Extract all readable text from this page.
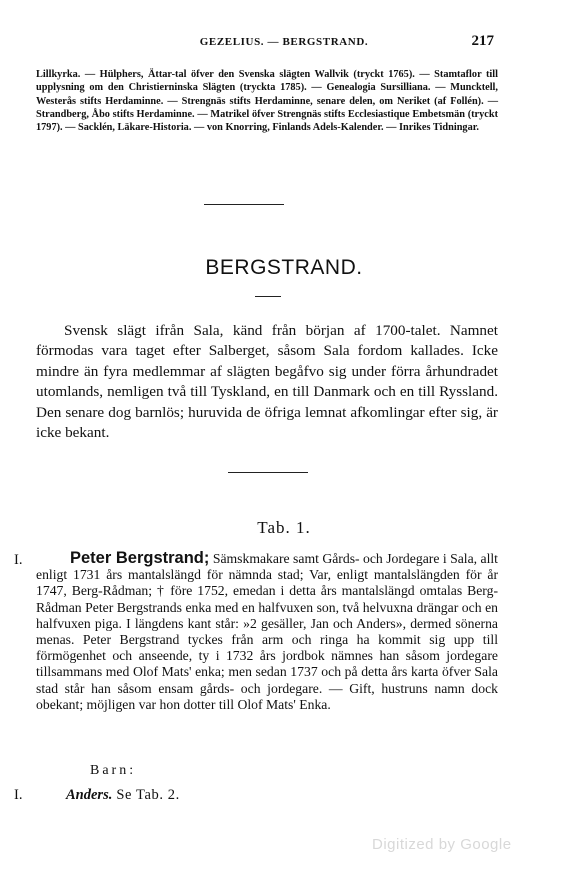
GEZELIUS. — BERGSTRAND.	217
Lillkyrka. — Hülphers, Ättar-tal öfver den Svenska slägten Wallvik (tryckt 1765). — Stamtaflor till upplysning om den Christierninska Slägten (tryckta 1785). — Genealogia Sursilliana. — Muncktell, Westerås stifts Herdaminne. — Strengnäs stifts Herdaminne, senare delen, om Neriket (af Follén). — Strandberg, Åbo stifts Herdaminne. — Matrikel öfver Strengnäs stifts Ecclesiastique Embetsmän (tryckt 1797). — Sacklén, Läkare-Historia. — von Knorring, Finlands Adels-Kalender. — Inrikes Tidningar.
BERGSTRAND.
Svensk slägt ifrån Sala, känd från början af 1700-talet. Namnet förmodas vara taget efter Salberget, såsom Sala fordom kallades. Icke mindre än fyra medlemmar af slägten begåfvo sig under förra århundradet utomlands, nemligen två till Tyskland, en till Danmark och en till Ryssland. Den senare dog barnlös; huruvida de öfriga lemnat afkomlingar efter sig, är icke bekant.
Tab. 1.
I.	Peter Bergstrand; Sämskmakare samt Gårds- och Jordegare i Sala, allt enligt 1731 års mantalslängd för nämnda stad; Var, enligt mantalslängden för år 1747, Berg-Rådman; † före 1752, emedan i detta års mantalslängd omtalas Berg-Rådman Peter Bergstrands enka med en halfvuxen son, två helvuxna drängar och en halfvuxen piga. I längdens kant står: »2 gesäller, Jan och Anders», dermed sönerna menas. Peter Bergstrand tyckes från arm och ringa ha kommit sig upp till förmögenhet och anseende, ty i 1732 års jordbok nämnes han såsom jordegare tillsammans med Olof Mats' enka; men sedan 1737 och på detta års karta öfver Sala stad står han såsom ensam gårds- och jordegare. — Gift, hustruns namn dock obekant; möjligen var hon dotter till Olof Mats' Enka.
Barn:
I.	Anders. Se Tab. 2.
Digitized by Google
